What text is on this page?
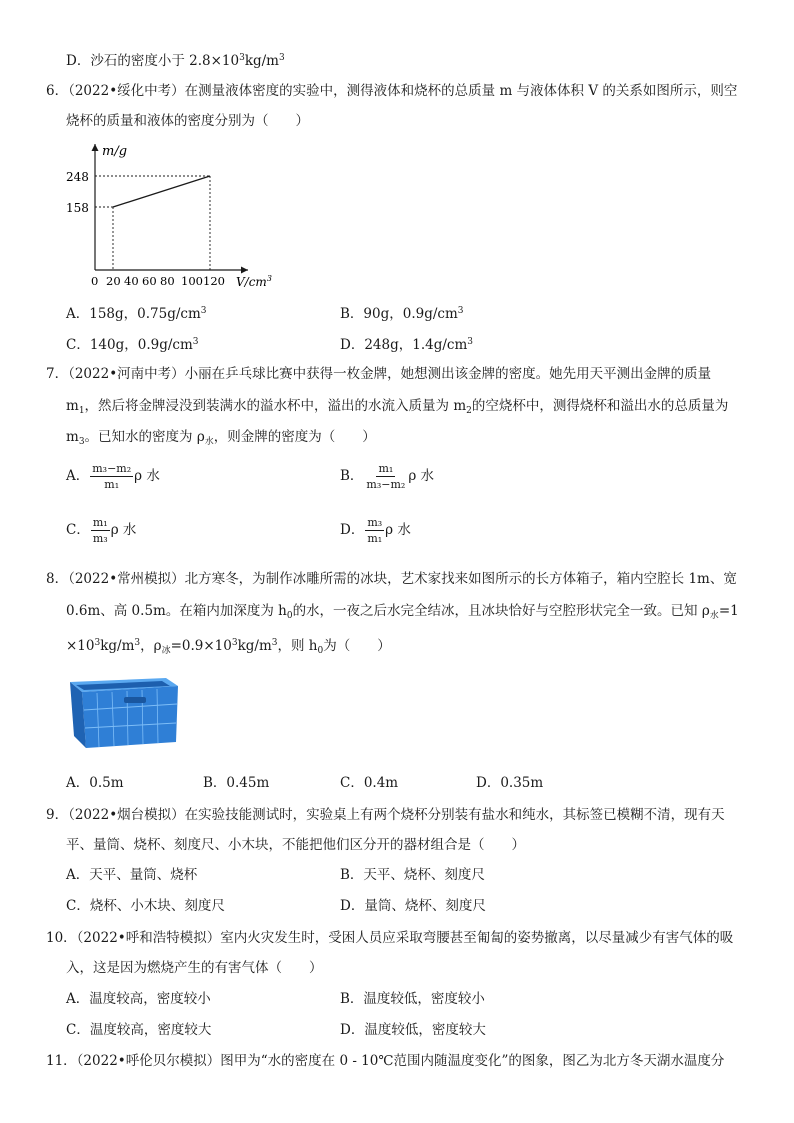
D．沙石的密度小于 $2.8\times 10^3kg/m^3$
6．（2022•绥化中考）在测量液体密度的实验中，测得液体和烧杯的总质量 m 与液体体积 V 的关系如图所示，则空
烧杯的质量和液体的密度分别为（　　）
m/g
$V/cm^3$
248
158
0 20 40 60 80 100 120
A．158g，$0.75g/cm^3$	B．90g，$0.9g/cm^3$
C．140g，$0.9g/cm^3$	D．248g，$1.4g/cm^3$
7．（2022•河南中考）小丽在乒乓球比赛中获得一枚金牌，她想测出该金牌的密度。她先用天平测出金牌的质量
$m_1$，然后将金牌浸没到装满水的溢水杯中，溢出的水流入质量为 $m_2$的空烧杯中，测得烧杯和溢出水的总质量为
$m_3$。已知水的密度为 $\rho_水$，则金牌的密度为（　　）
A． $\frac{\text{m₃−m₂}}{\text{m₁}}$ ρ 水	B． $\frac{\text{m₁}}{\text{m₃−m₂}}$ ρ 水
C． $\frac{\text{m₁}}{\text{m₃}}$ ρ 水	D． $\frac{\text{m₃}}{\text{m₁}}$ ρ 水
8．（2022•常州模拟）北方寒冬，为制作冰雕所需的冰块，艺术家找来如图所示的长方体箱子，箱内空腔长 1m、宽
0.6m、高 0.5m。在箱内加深度为 $h_0$的水，一夜之后水完全结冰，且冰块恰好与空腔形状完全一致。已知 $\rho_水=1$
$\times 10^3kg/m^3$，$\rho_冰=0.9\times 10^3kg/m^3$，则 $h_0$为（　　）
A．0.5m	B．0.45m	C．0.4m	D．0.35m
9．（2022•烟台模拟）在实验技能测试时，实验桌上有两个烧杯分别装有盐水和纯水，其标签已模糊不清，现有天
平、量筒、烧杯、刻度尺、小木块，不能把他们区分开的器材组合是（　　）
A．天平、量筒、烧杯	B．天平、烧杯、刻度尺
C．烧杯、小木块、刻度尺	D．量筒、烧杯、刻度尺
10．（2022•呼和浩特模拟）室内火灾发生时，受困人员应采取弯腰甚至匍匐的姿势撤离，以尽量减少有害气体的吸
入，这是因为燃烧产生的有害气体（　　）
A．温度较高，密度较小	B．温度较低，密度较小
C．温度较高，密度较大	D．温度较低，密度较大
11．（2022•呼伦贝尔模拟）图甲为“水的密度在 0 - 10℃范围内随温度变化”的图象，图乙为北方冬天湖水温度分
